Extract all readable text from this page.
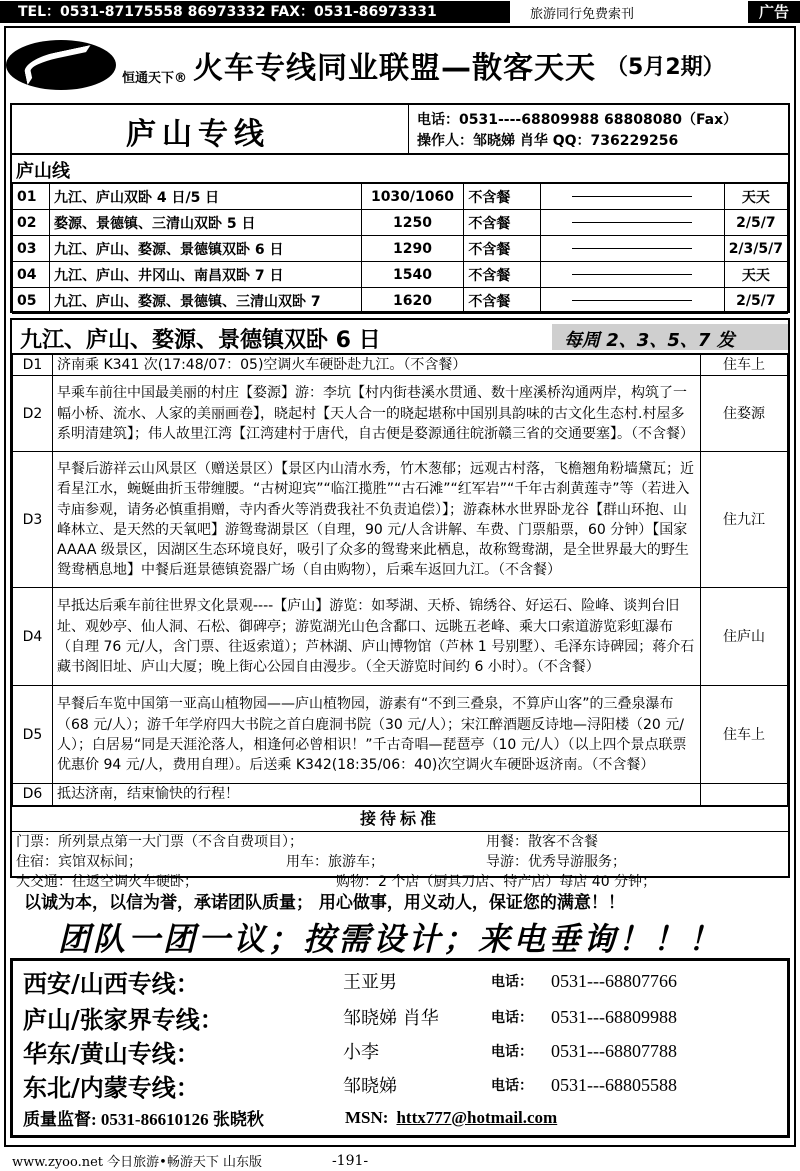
TEL：0531-87175558 86973332 FAX：0531-86973331	旅游同行免费索刊	广告
恒通天下® 火车专线同业联盟—散客天天 （5月2期）
庐山专线	电话：0531----68809988 68808080（Fax）
操作人：邹晓娣 肖华 QQ：736229256
庐山线
01	九江、庐山双卧 4 日/5 日	1030/1060	不含餐		天天
02	婺源、景德镇、三清山双卧 5 日	1250	不含餐		2/5/7
03	九江、庐山、婺源、景德镇双卧 6 日	1290	不含餐		2/3/5/7
04	九江、庐山、井冈山、南昌双卧 7 日	1540	不含餐		天天
05	九江、庐山、婺源、景德镇、三清山双卧 7	1620	不含餐		2/5/7
九江、庐山、婺源、景德镇双卧 6 日	每周 2、3、5、7 发
D1	济南乘 K341 次(17:48/07：05)空调火车硬卧赴九江。（不含餐）	住车上
D2	早乘车前往中国最美丽的村庄【婺源】游：李坑【村内街巷溪水贯通、数十座溪桥沟通两岸，构筑了一幅小桥、流水、人家的美丽画卷】，晓起村【天人合一的晓起堪称中国别具韵味的古文化生态村.村屋多系明清建筑】；伟人故里江湾【江湾建村于唐代，自古便是婺源通往皖浙赣三省的交通要塞】。（不含餐）	住婺源
D3	早餐后游祥云山风景区（赠送景区）【景区内山清水秀，竹木葱郁；远观古村落，飞檐翘角粉墙黛瓦；近看星江水，蜿蜒曲折玉带缠腰。“古树迎宾”“临江揽胜”“古石滩”“红军岩”“千年古刹黄莲寺”等（若进入寺庙参观，请务必慎重捐赠，寺内香火等消费我社不负责追偿）】；游森林水世界卧龙谷【群山环抱、山峰林立、是天然的天氧吧】游鸳鸯湖景区（自理，90 元/人含讲解、车费、门票船票，60 分钟）【国家 AAAA 级景区，因湖区生态环境良好，吸引了众多的鸳鸯来此栖息，故称鸳鸯湖，是全世界最大的野生鸳鸯栖息地】中餐后逛景德镇瓷器广场（自由购物），后乘车返回九江。（不含餐）	住九江
D4	早抵达后乘车前往世界文化景观----【庐山】游览：如琴湖、天桥、锦绣谷、好运石、险峰、谈判台旧址、观妙亭、仙人洞、石松、御碑亭；游览湖光山色含鄱口、远眺五老峰、乘大口索道游览彩虹瀑布（自理 76 元/人，含门票、往返索道）；芦林湖、庐山博物馆（芦林 1 号别墅）、毛泽东诗碑园；蒋介石藏书阁旧址、庐山大厦；晚上街心公园自由漫步。（全天游览时间约 6 小时）。（不含餐）	住庐山
D5	早餐后车览中国第一亚高山植物园——庐山植物园，游素有“不到三叠泉，不算庐山客”的三叠泉瀑布（68 元/人）；游千年学府四大书院之首白鹿洞书院（30 元/人）；宋江醉酒题反诗地—浔阳楼（20 元/人）；白居易“同是天涯沦落人，相逢何必曾相识！”千古奇唱—琵琶亭（10 元/人）（以上四个景点联票优惠价 94 元/人，费用自理）。后送乘 K342(18:35/06：40)次空调火车硬卧返济南。（不含餐）	住车上
D6	抵达济南，结束愉快的行程！	
接待标准
门票：所列景点第一大门票（不含自费项目）；	用餐：散客不含餐
住宿：宾馆双标间；	用车：旅游车；	导游：优秀导游服务；
大交通：往返空调火车硬卧；	购物：2 个店（厨具刀店、特产店）每店 40 分钟；
以诚为本，以信为誉，承诺团队质量； 用心做事，用义动人，保证您的满意！！
团队一团一议；按需设计；来电垂询！！！
西安/山西专线：	王亚男	电话：	0531---68807766
庐山/张家界专线：	邹晓娣 肖华	电话：	0531---68809988
华东/黄山专线：	小李	电话：	0531---68807788
东北/内蒙专线：	邹晓娣	电话：	0531---68805588
质量监督: 0531-86610126 张晓秋	MSN: httx777@hotmail.com
www.zyoo.net 今日旅游•畅游天下 山东版	-191-
